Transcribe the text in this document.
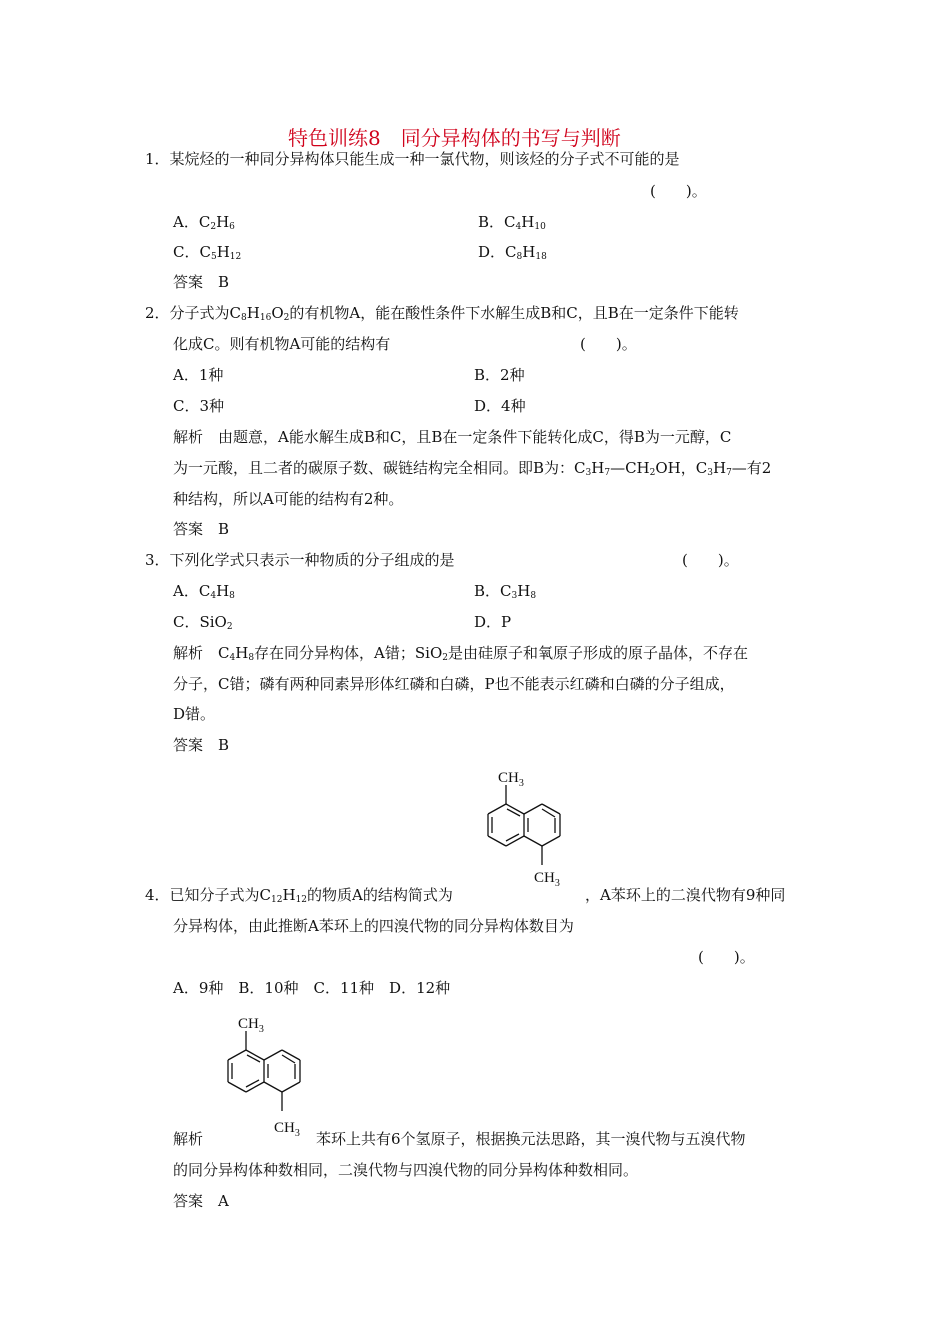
特色训练8　同分异构体的书写与判断
1．某烷烃的一种同分异构体只能生成一种一氯代物，则该烃的分子式不可能的是
(　　)。
A．$C_2H_6$	B．$C_4H_{10}$
C．$C_5H_{12}$	D．$C_8H_{18}$
答案　B
2．分子式为$C_8H_{16}O_2$的有机物A，能在酸性条件下水解生成B和C，且B在一定条件下能转
化成C。则有机物A可能的结构有	(　　)。
A．1种	B．2种
C．3种	D．4种
解析　由题意，A能水解生成B和C，且B在一定条件下能转化成C，得B为一元醇，C
为一元酸，且二者的碳原子数、碳链结构完全相同。即B为：$C_3H_7—CH_2OH$，$C_3H_7—$有2
种结构，所以A可能的结构有2种。
答案　B
3．下列化学式只表示一种物质的分子组成的是	(　　)。
A．$C_4H_8$	B．$C_3H_8$
C．SiO$_2$	D．P
解析　$C_4H_8$存在同分异构体，A错；SiO$_2$是由硅原子和氧原子形成的原子晶体，不存在
分子，C错；磷有两种同素异形体红磷和白磷，P也不能表示红磷和白磷的分子组成，
D错。
答案　B
$CH_3$
$CH_3$
4．已知分子式为$C_{12}H_{12}$的物质A的结构简式为	，A苯环上的二溴代物有9种同
分异构体，由此推断A苯环上的四溴代物的同分异构体数目为
(　　)。
A．9种　B．10种　C．11种　D．12种
$CH_3$
$CH_3$
解析	苯环上共有6个氢原子，根据换元法思路，其一溴代物与五溴代物
的同分异构体种数相同，二溴代物与四溴代物的同分异构体种数相同。
答案　A
